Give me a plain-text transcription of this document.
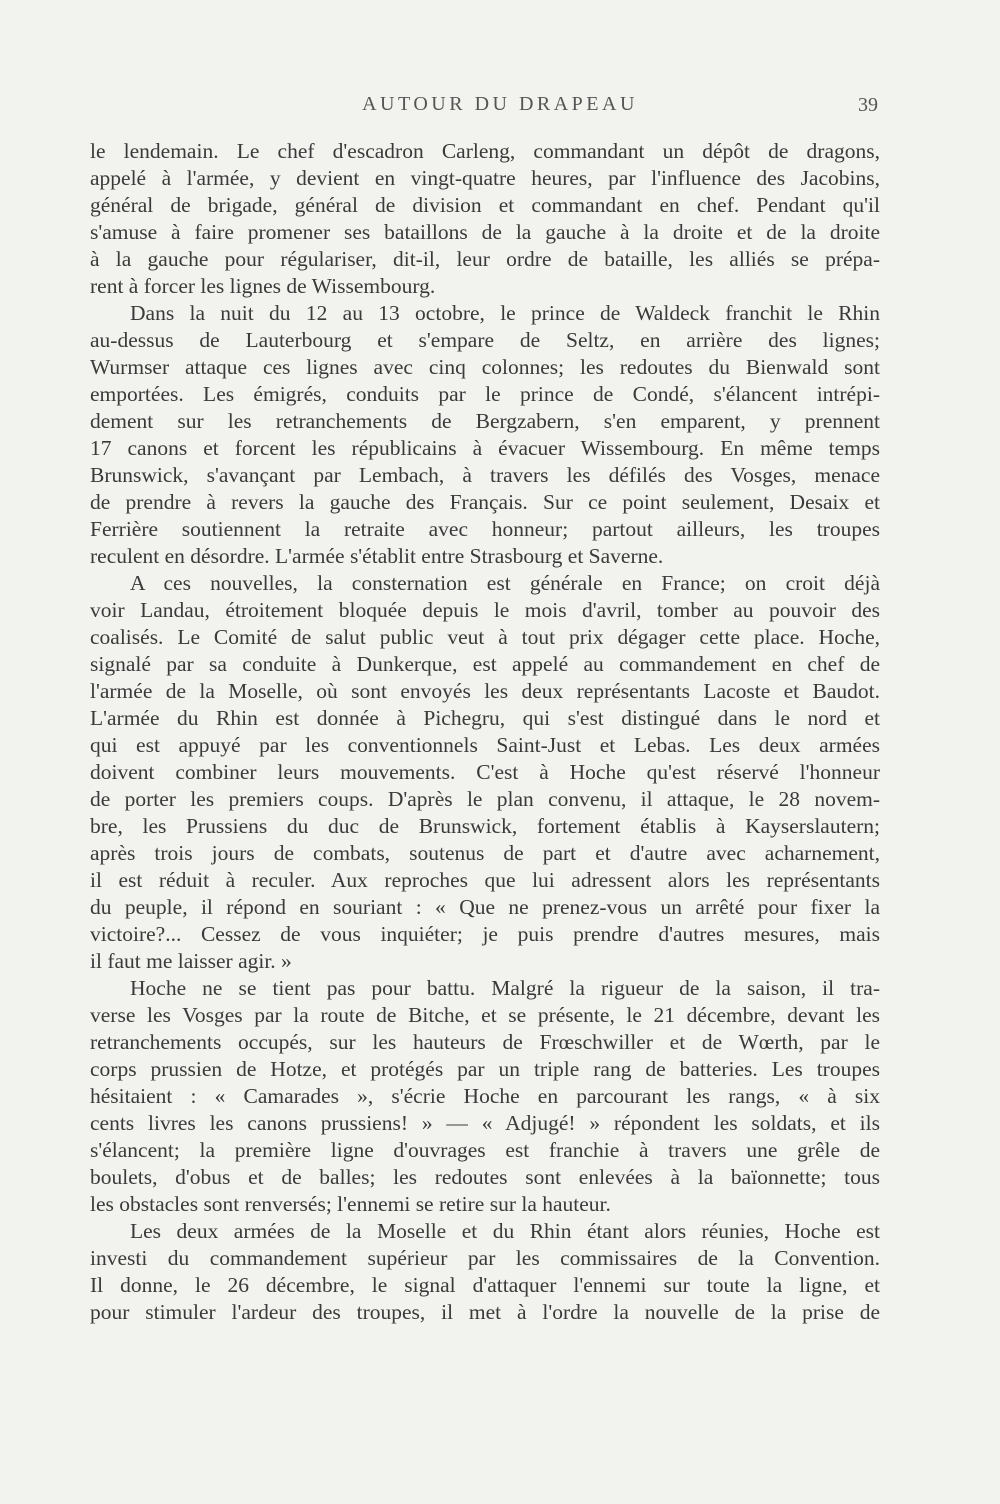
AUTOUR DU DRAPEAU	39
le lendemain. Le chef d'escadron Carleng, commandant un dépôt de dragons,
appelé à l'armée, y devient en vingt-quatre heures, par l'influence des Jacobins,
général de brigade, général de division et commandant en chef. Pendant qu'il
s'amuse à faire promener ses bataillons de la gauche à la droite et de la droite
à la gauche pour régulariser, dit-il, leur ordre de bataille, les alliés se prépa-
rent à forcer les lignes de Wissembourg.
Dans la nuit du 12 au 13 octobre, le prince de Waldeck franchit le Rhin
au-dessus de Lauterbourg et s'empare de Seltz, en arrière des lignes;
Wurmser attaque ces lignes avec cinq colonnes; les redoutes du Bienwald sont
emportées. Les émigrés, conduits par le prince de Condé, s'élancent intrépi-
dement sur les retranchements de Bergzabern, s'en emparent, y prennent
17 canons et forcent les républicains à évacuer Wissembourg. En même temps
Brunswick, s'avançant par Lembach, à travers les défilés des Vosges, menace
de prendre à revers la gauche des Français. Sur ce point seulement, Desaix et
Ferrière soutiennent la retraite avec honneur; partout ailleurs, les troupes
reculent en désordre. L'armée s'établit entre Strasbourg et Saverne.
A ces nouvelles, la consternation est générale en France; on croit déjà
voir Landau, étroitement bloquée depuis le mois d'avril, tomber au pouvoir des
coalisés. Le Comité de salut public veut à tout prix dégager cette place. Hoche,
signalé par sa conduite à Dunkerque, est appelé au commandement en chef de
l'armée de la Moselle, où sont envoyés les deux représentants Lacoste et Baudot.
L'armée du Rhin est donnée à Pichegru, qui s'est distingué dans le nord et
qui est appuyé par les conventionnels Saint-Just et Lebas. Les deux armées
doivent combiner leurs mouvements. C'est à Hoche qu'est réservé l'honneur
de porter les premiers coups. D'après le plan convenu, il attaque, le 28 novem-
bre, les Prussiens du duc de Brunswick, fortement établis à Kayserslautern;
après trois jours de combats, soutenus de part et d'autre avec acharnement,
il est réduit à reculer. Aux reproches que lui adressent alors les représentants
du peuple, il répond en souriant : « Que ne prenez-vous un arrêté pour fixer la
victoire?... Cessez de vous inquiéter; je puis prendre d'autres mesures, mais
il faut me laisser agir. »
Hoche ne se tient pas pour battu. Malgré la rigueur de la saison, il tra-
verse les Vosges par la route de Bitche, et se présente, le 21 décembre, devant les
retranchements occupés, sur les hauteurs de Frœschwiller et de Wœrth, par le
corps prussien de Hotze, et protégés par un triple rang de batteries. Les troupes
hésitaient : « Camarades », s'écrie Hoche en parcourant les rangs, « à six
cents livres les canons prussiens! » — « Adjugé! » répondent les soldats, et ils
s'élancent; la première ligne d'ouvrages est franchie à travers une grêle de
boulets, d'obus et de balles; les redoutes sont enlevées à la baïonnette; tous
les obstacles sont renversés; l'ennemi se retire sur la hauteur.
Les deux armées de la Moselle et du Rhin étant alors réunies, Hoche est
investi du commandement supérieur par les commissaires de la Convention.
Il donne, le 26 décembre, le signal d'attaquer l'ennemi sur toute la ligne, et
pour stimuler l'ardeur des troupes, il met à l'ordre la nouvelle de la prise de
